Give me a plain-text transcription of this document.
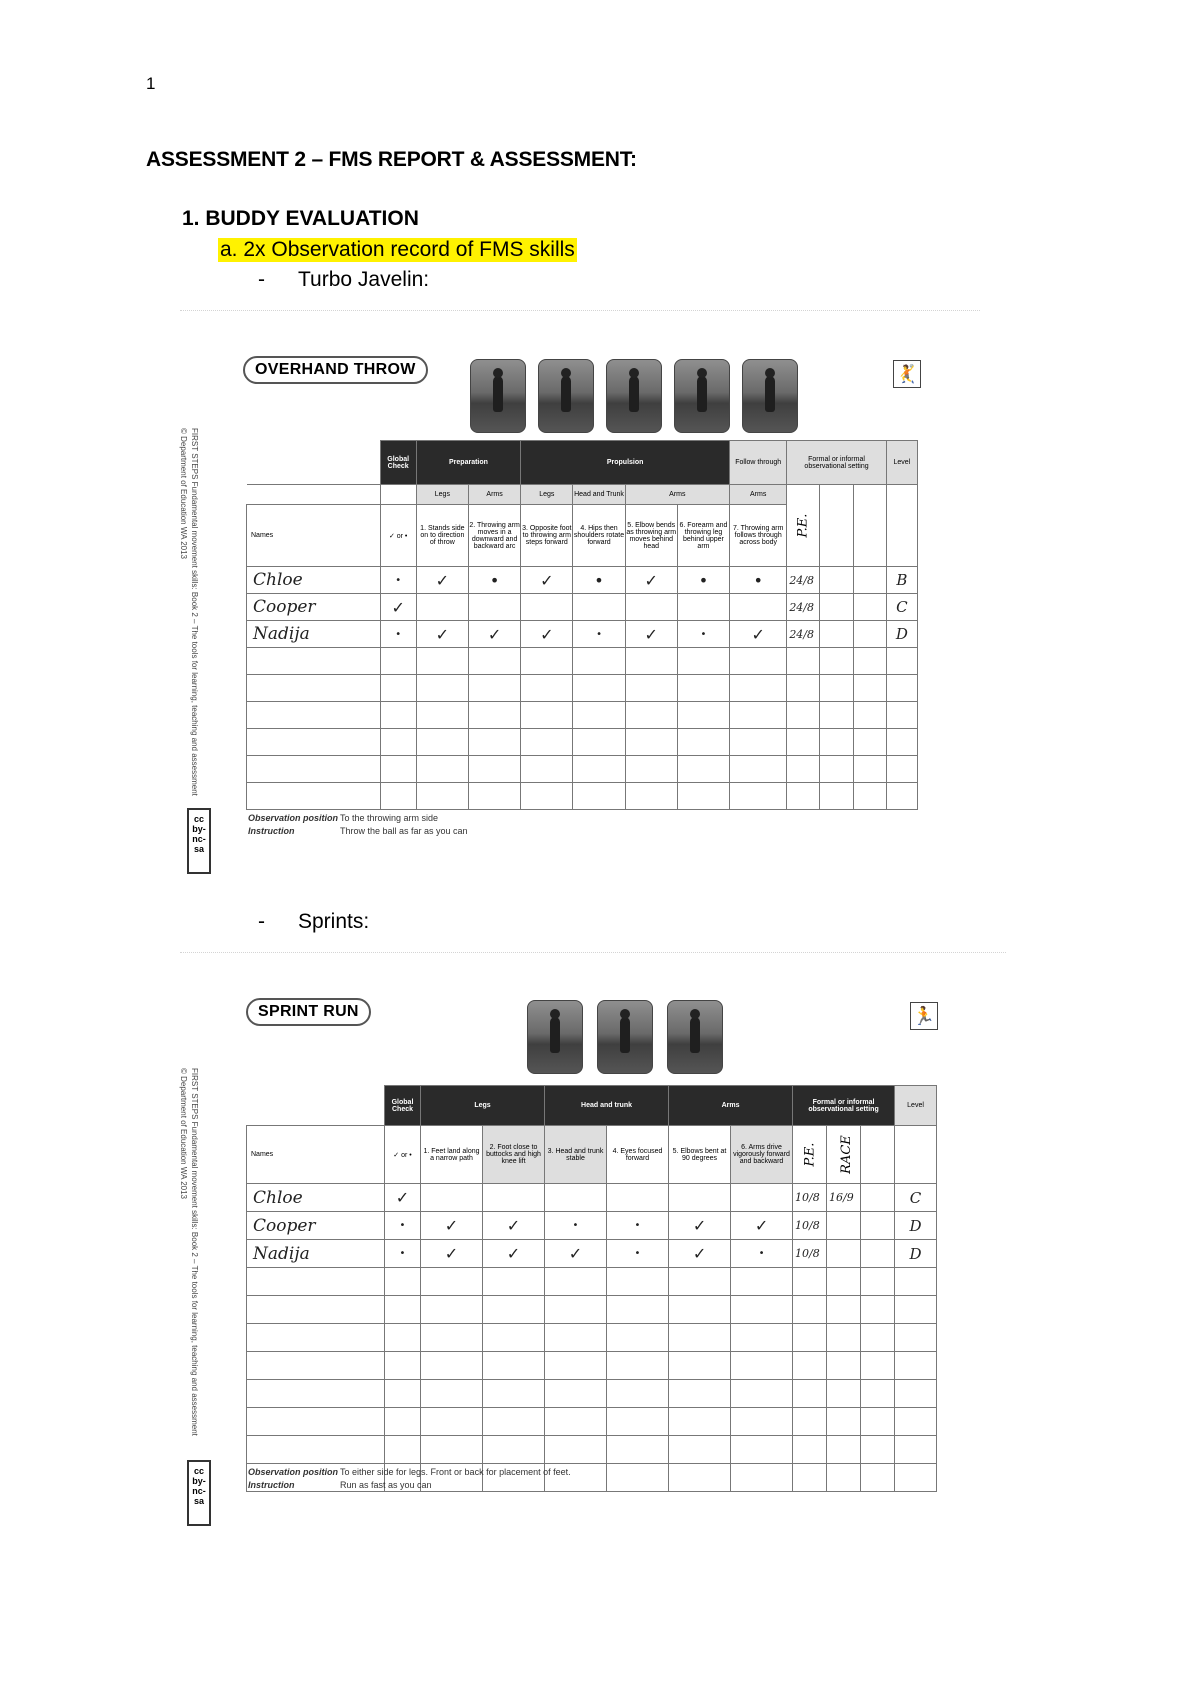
1
ASSESSMENT 2 – FMS REPORT & ASSESSMENT:
1. BUDDY EVALUATION
a. 2x Observation record of FMS skills
- Turbo Javelin:
OVERHAND THROW	🤾
FIRST STEPS Fundamental movement skills: Book 2 – The tools for learning, teaching and assessment
© Department of Education WA 2013
cc by-nc-sa
	Global Check	Preparation		Propulsion				Follow through	Formal or informal observational setting			Level
		Legs	Arms	Legs	Head and Trunk	Arms		Arms	P.E.			
Names	✓ or •	1. Stands side on to direction of throw	2. Throwing arm moves in a downward and backward arc	3. Opposite foot to throwing arm steps forward	4. Hips then shoulders rotate forward	5. Elbow bends as throwing arm moves behind head	6. Forearm and throwing leg behind upper arm	7. Throwing arm follows through across body				
Chloe	•	✓	•	✓	•	✓	•	•	24/8			B
Cooper	✓								24/8			C
Nadija	•	✓	✓	✓	•	✓	•	✓	24/8			D

Observation position To the throwing arm side
Instruction	Throw the ball as far as you can
- Sprints:
SPRINT RUN	🏃
FIRST STEPS Fundamental movement skills: Book 2 – The tools for learning, teaching and assessment
© Department of Education WA 2013
cc by-nc-sa
	Global Check	Legs		Head and trunk		Arms		Formal or informal observational setting			Level
Names	✓ or •	1. Feet land along a narrow path	2. Foot close to buttocks and high knee lift	3. Head and trunk stable	4. Eyes focused forward	5. Elbows bent at 90 degrees	6. Arms drive vigorously forward and backward	P.E.	RACE		
Chloe	✓							10/8	16/9		C
Cooper	•	✓	✓	•	•	✓	✓	10/8			D
Nadija	•	✓	✓	✓	•	✓	•	10/8			D

Observation position To either side for legs. Front or back for placement of feet.
Instruction	Run as fast as you can
